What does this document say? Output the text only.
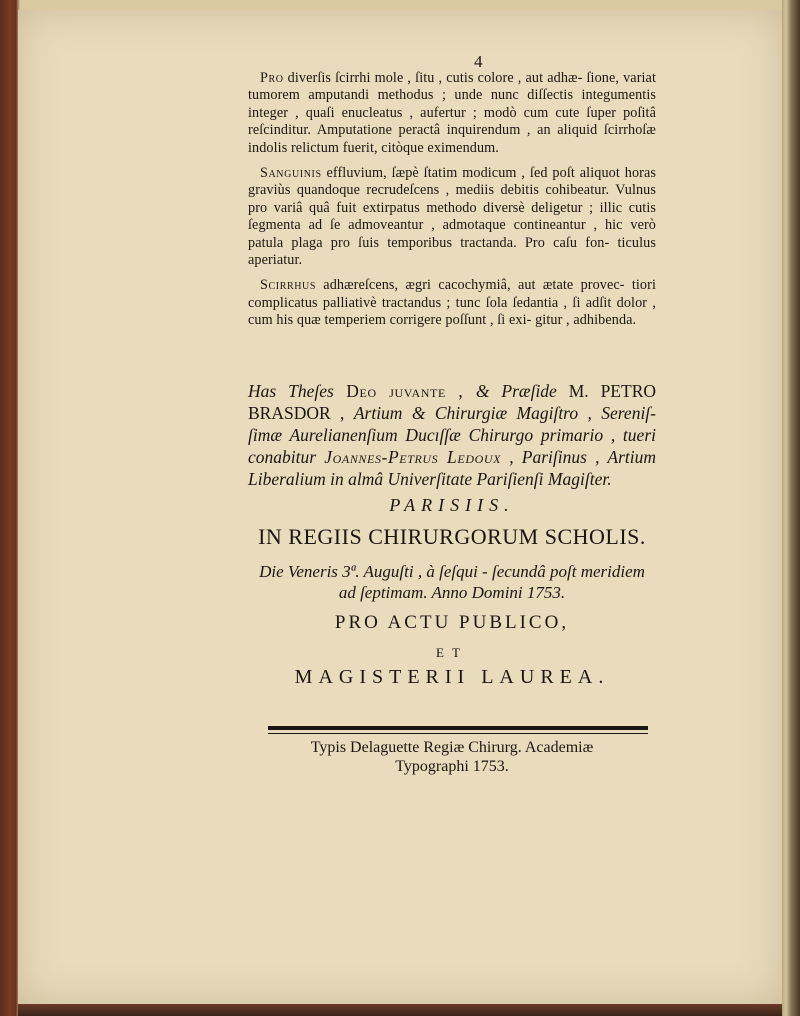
4

Pro diverſis ſcirrhi mole , ſitu , cutis colore , aut adhæ- ſione, variat tumorem amputandi methodus ; unde nunc diſſectis integumentis integer , quaſi enucleatus , aufertur ; modò cum cute ſuper poſitâ reſcinditur. Amputatione peractâ inquirendum , an aliquid ſcirrhoſæ indolis relictum fuerit, citòque eximendum.

Sanguinis effluvium, ſæpè ſtatim modicum , ſed poſt aliquot horas graviùs quandoque recrudeſcens , mediis debitis cohibeatur. Vulnus pro variâ quâ fuit extirpatus methodo diversè deligetur ; illic cutis ſegmenta ad ſe admoveantur , admotaque contineantur , hic verò patula plaga pro ſuis temporibus tractanda. Pro caſu fon- ticulus aperiatur.

Scirrhus adhæreſcens, ægri cacochymiâ, aut ætate provec- tiori complicatus palliativè tractandus ; tunc ſola ſedantia , ſi adſit dolor , cum his quæ temperiem corrigere poſſunt , ſi exi- gitur , adhibenda.

Has Theſes Deo juvante , & Præſide M. PETRO BRASDOR , Artium & Chirurgiæ Magiſtro , Sereniſ- ſimæ Aurelianenſium Ducıſſæ Chirurgo primario , tueri conabitur Joannes-Petrus Ledoux , Pariſinus , Artium Liberalium in almâ Univerſitate Pariſienſi Magiſter.
PARISIIS.
IN REGIIS CHIRURGORUM SCHOLIS.
Die Veneris 3ª. Auguſti , à ſeſqui - ſecundâ poſt meridiem
ad ſeptimam. Anno Domini 1753.
PRO ACTU PUBLICO,
ET
MAGISTERII LAUREA.
Typis Delaguette Regiæ Chirurg. Academiæ
Typographi 1753.
